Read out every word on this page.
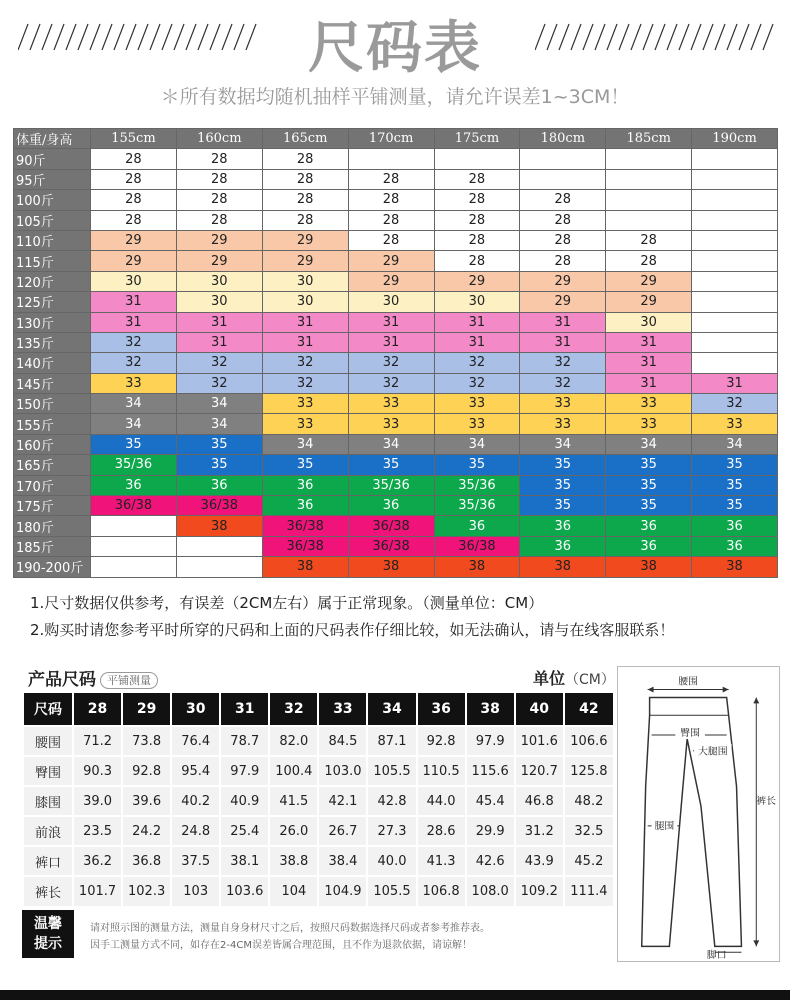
尺码表
＊所有数据均随机抽样平铺测量，请允许误差1~3CM！
体重/身高	155cm	160cm	165cm	170cm	175cm	180cm	185cm	190cm
90斤	28	28	28					
95斤	28	28	28	28	28			
100斤	28	28	28	28	28	28		
105斤	28	28	28	28	28	28		
110斤	29	29	29	28	28	28	28	
115斤	29	29	29	29	28	28	28	
120斤	30	30	30	29	29	29	29	
125斤	31	30	30	30	30	29	29	
130斤	31	31	31	31	31	31	30	
135斤	32	31	31	31	31	31	31	
140斤	32	32	32	32	32	32	31	
145斤	33	32	32	32	32	32	31	31
150斤	34	34	33	33	33	33	33	32
155斤	34	34	33	33	33	33	33	33
160斤	35	35	34	34	34	34	34	34
165斤	35/36	35	35	35	35	35	35	35
170斤	36	36	36	35/36	35/36	35	35	35
175斤	36/38	36/38	36	36	35/36	35	35	35
180斤		38	36/38	36/38	36	36	36	36
185斤			36/38	36/38	36/38	36	36	36
190-200斤			38	38	38	38	38	38
1.尺寸数据仅供参考，有误差（2CM左右）属于正常现象。（测量单位：CM）
2.购买时请您参考平时所穿的尺码和上面的尺码表作仔细比较，如无法确认，请与在线客服联系！
产品尺码 平铺测量	单位（CM）
尺码	28	29	30	31	32	33	34	36	38	40	42
腰围	71.2	73.8	76.4	78.7	82.0	84.5	87.1	92.8	97.9	101.6	106.6
臀围	90.3	92.8	95.4	97.9	100.4	103.0	105.5	110.5	115.6	120.7	125.8
膝围	39.0	39.6	40.2	40.9	41.5	42.1	42.8	44.0	45.4	46.8	48.2
前浪	23.5	24.2	24.8	25.4	26.0	26.7	27.3	28.6	29.9	31.2	32.5
裤口	36.2	36.8	37.5	38.1	38.8	38.4	40.0	41.3	42.6	43.9	45.2
裤长	101.7	102.3	103	103.6	104	104.9	105.5	106.8	108.0	109.2	111.4
温馨
提示
请对照示图的测量方法，测量自身身材尺寸之后，按照尺码数据选择尺码或者参考推荐表。
因手工测量方式不同，如存在2-4CM误差皆属合理范围，且不作为退款依据，请谅解！
腰围
臀围
大腿围
裤长
腿围
脚口
